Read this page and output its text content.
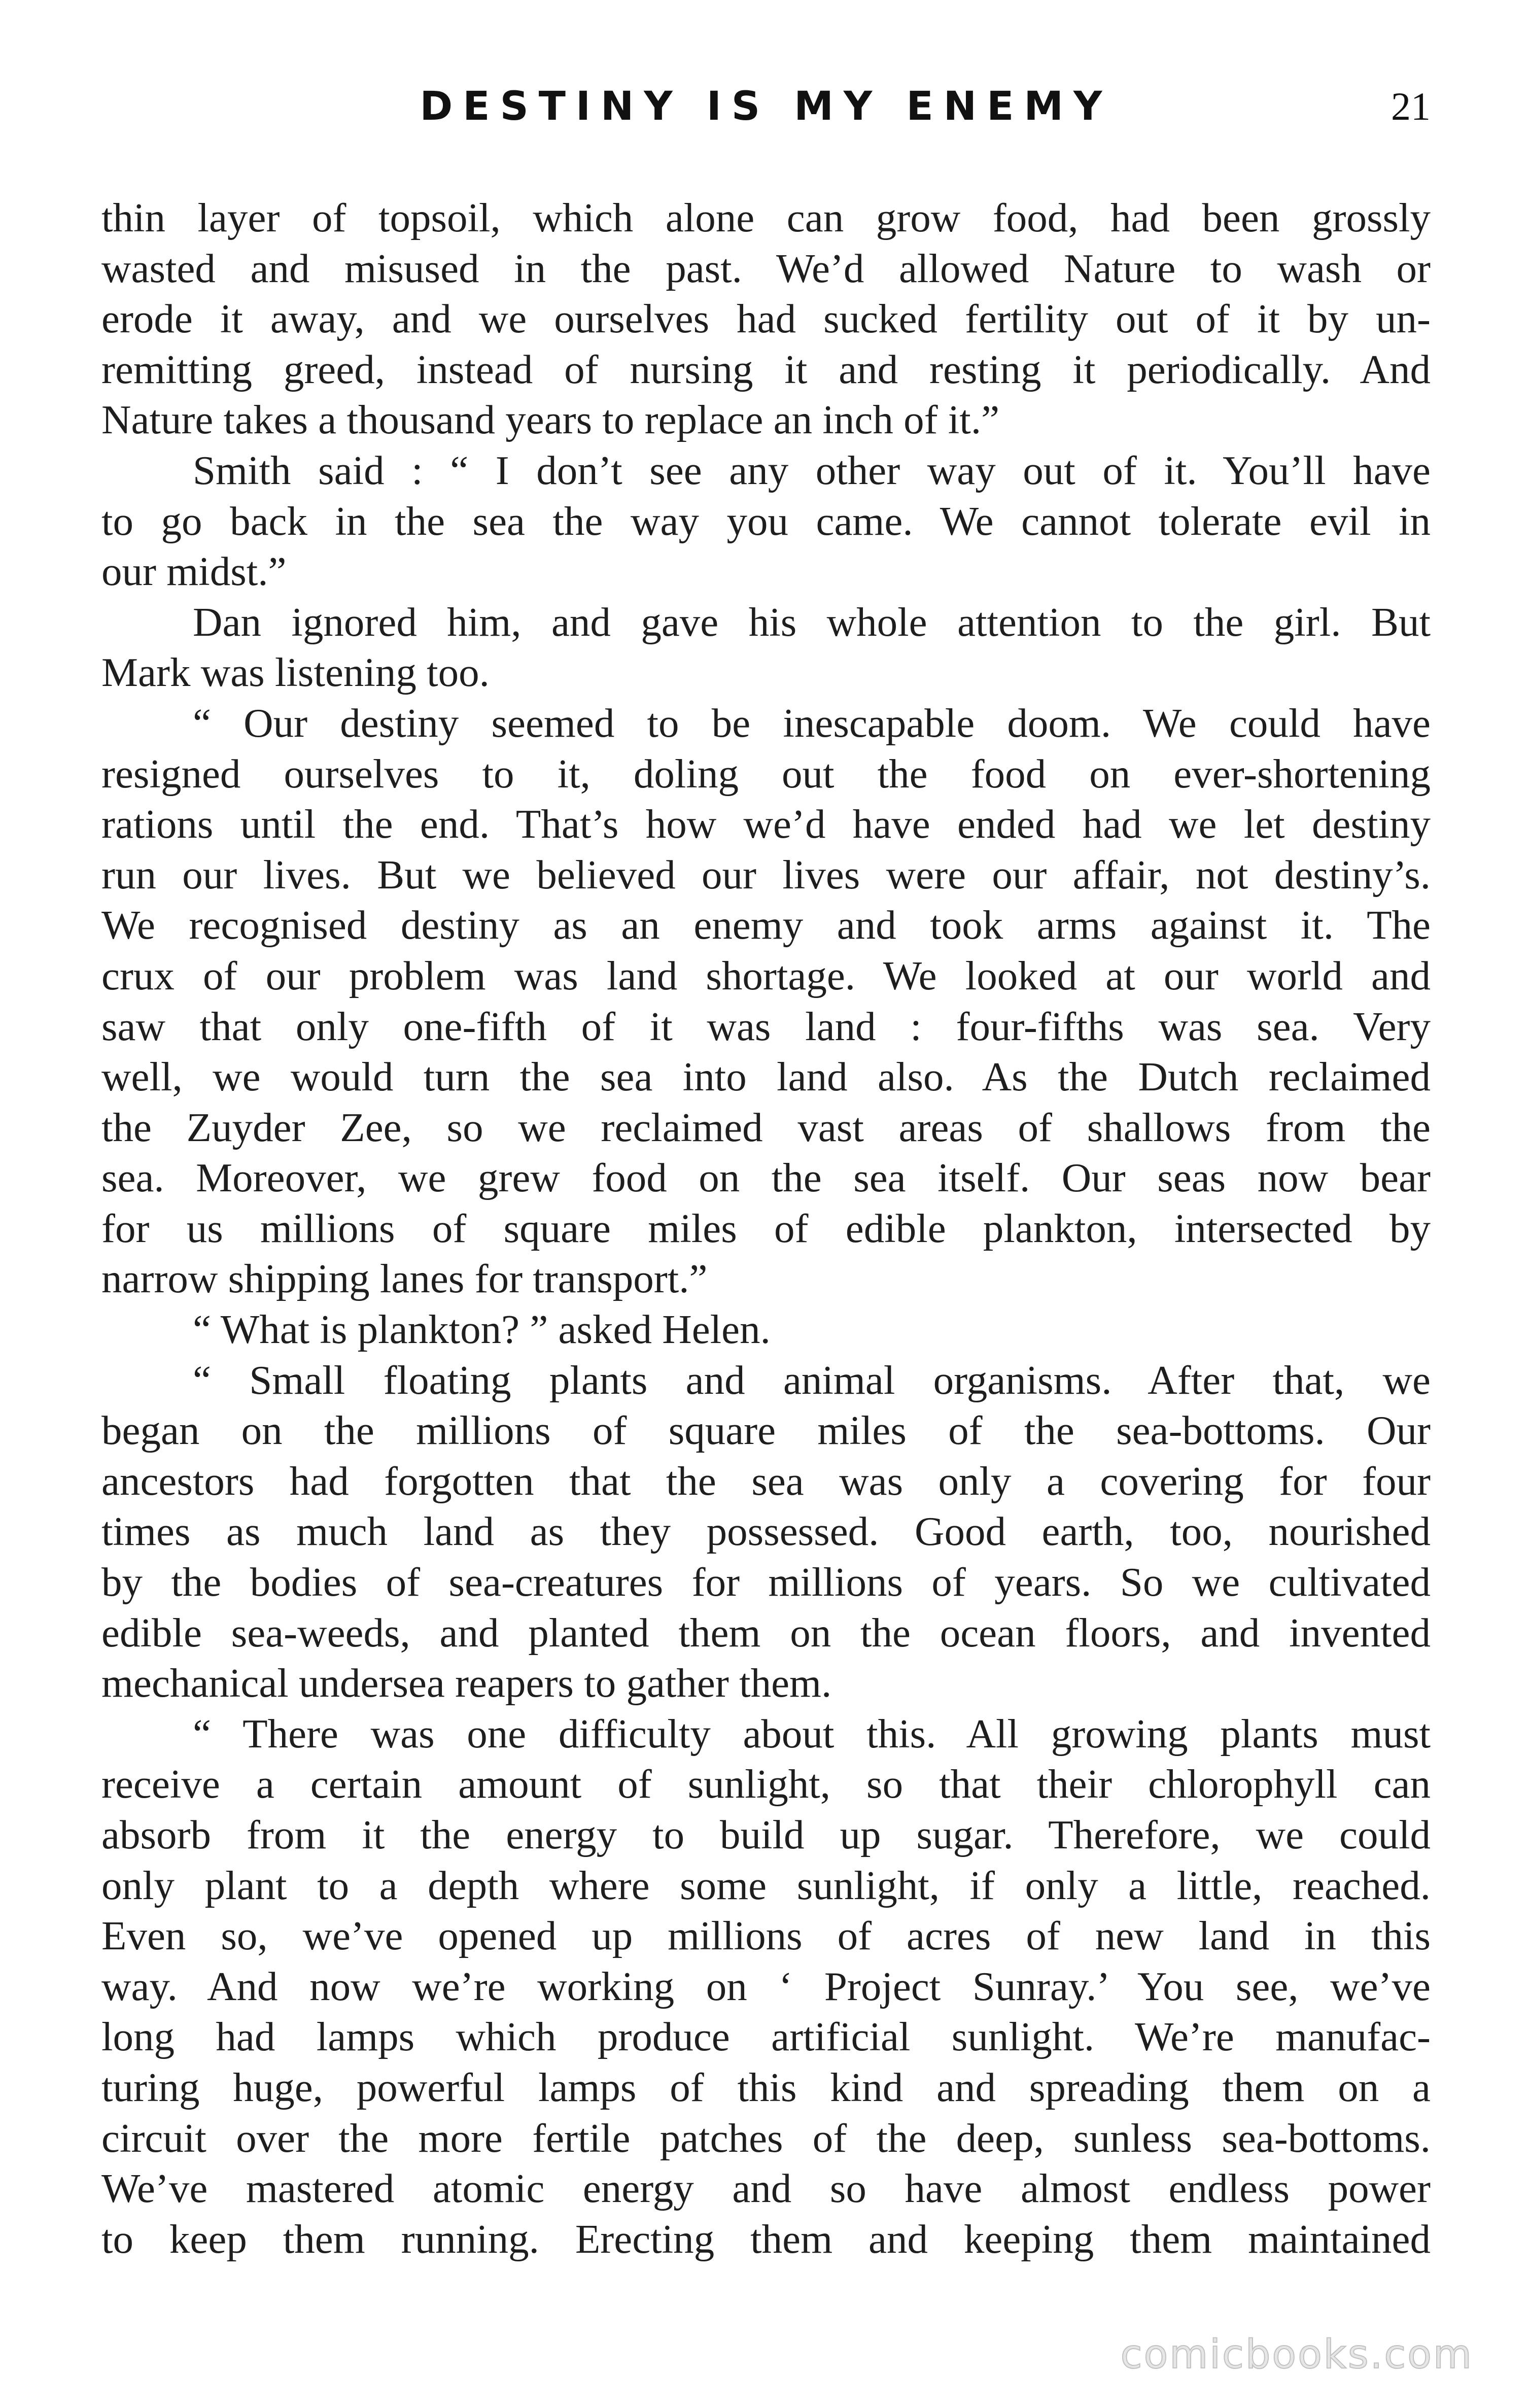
DESTINY IS MY ENEMY	21
thin layer of topsoil, which alone can grow food, had been grossly
wasted and misused in the past. We’d allowed Nature to wash or
erode it away, and we ourselves had sucked fertility out of it by un-
remitting greed, instead of nursing it and resting it periodically. And
Nature takes a thousand years to replace an inch of it.”
Smith said : “ I don’t see any other way out of it. You’ll have
to go back in the sea the way you came. We cannot tolerate evil in
our midst.”
Dan ignored him, and gave his whole attention to the girl. But
Mark was listening too.
“ Our destiny seemed to be inescapable doom. We could have
resigned ourselves to it, doling out the food on ever-shortening
rations until the end. That’s how we’d have ended had we let destiny
run our lives. But we believed our lives were our affair, not destiny’s.
We recognised destiny as an enemy and took arms against it. The
crux of our problem was land shortage. We looked at our world and
saw that only one-fifth of it was land : four-fifths was sea. Very
well, we would turn the sea into land also. As the Dutch reclaimed
the Zuyder Zee, so we reclaimed vast areas of shallows from the
sea. Moreover, we grew food on the sea itself. Our seas now bear
for us millions of square miles of edible plankton, intersected by
narrow shipping lanes for transport.”
“ What is plankton? ” asked Helen.
“ Small floating plants and animal organisms. After that, we
began on the millions of square miles of the sea-bottoms. Our
ancestors had forgotten that the sea was only a covering for four
times as much land as they possessed. Good earth, too, nourished
by the bodies of sea-creatures for millions of years. So we cultivated
edible sea-weeds, and planted them on the ocean floors, and invented
mechanical undersea reapers to gather them.
“ There was one difficulty about this. All growing plants must
receive a certain amount of sunlight, so that their chlorophyll can
absorb from it the energy to build up sugar. Therefore, we could
only plant to a depth where some sunlight, if only a little, reached.
Even so, we’ve opened up millions of acres of new land in this
way. And now we’re working on ‘ Project Sunray.’ You see, we’ve
long had lamps which produce artificial sunlight. We’re manufac-
turing huge, powerful lamps of this kind and spreading them on a
circuit over the more fertile patches of the deep, sunless sea-bottoms.
We’ve mastered atomic energy and so have almost endless power
to keep them running. Erecting them and keeping them maintained
comicbooks.com
